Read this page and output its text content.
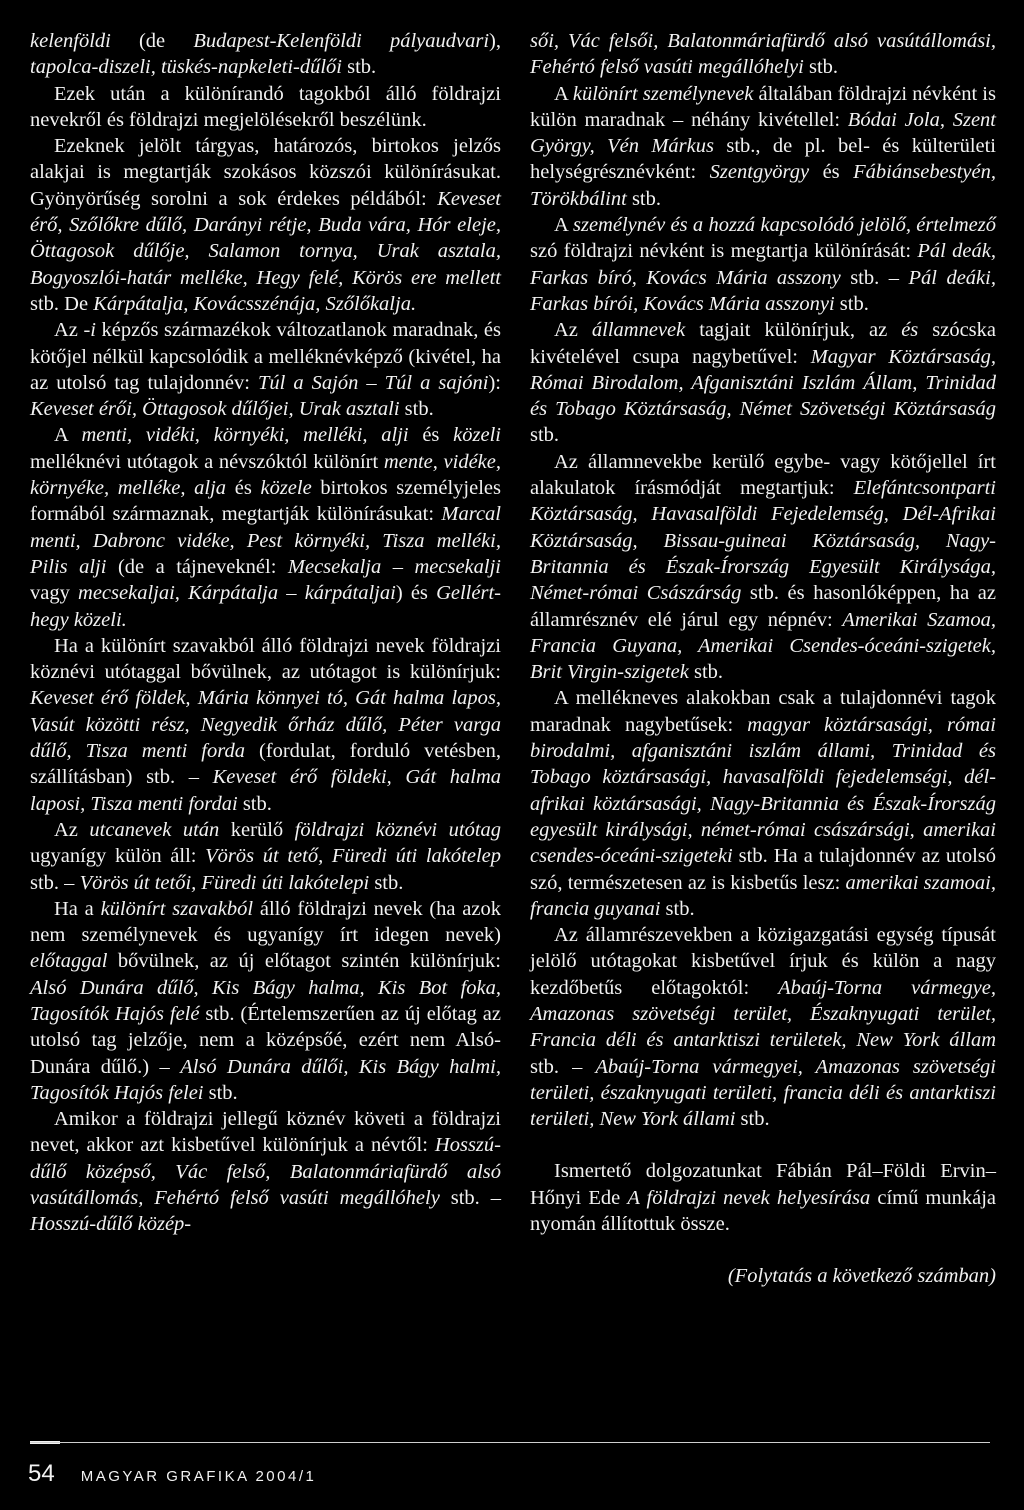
kelenföldi (de Budapest-Kelenföldi pályaudvari), tapolca-diszeli, tüskés-napkeleti-dűlői stb.

Ezek után a különírandó tagokból álló földrajzi nevekről és földrajzi megjelölésekről beszélünk.

Ezeknek jelölt tárgyas, határozós, birtokos jelzős alakjai is megtartják szokásos közszói különírásukat. Gyönyörűség sorolni a sok érdekes példából: Keveset érő, Szőlőkre dűlő, Darányi rétje, Buda vára, Hór eleje, Öttagosok dűlője, Salamon tornya, Urak asztala, Bogyoszlói-határ melléke, Hegy felé, Körös ere mellett stb. De Kárpátalja, Kovácsszénája, Szőlőkalja.

Az -i képzős származékok változatlanok maradnak, és kötőjel nélkül kapcsolódik a melléknévképző (kivétel, ha az utolsó tag tulajdonnév: Túl a Sajón – Túl a sajóni): Keveset érői, Öttagosok dűlőjei, Urak asztali stb.

A menti, vidéki, környéki, melléki, alji és közeli melléknévi utótagok a névszóktól különírt mente, vidéke, környéke, melléke, alja és közele birtokos személyjeles formából származnak, megtartják különírásukat: Marcal menti, Dabronc vidéke, Pest környéki, Tisza melléki, Pilis alji (de a tájneveknél: Mecsekalja – mecsekalji vagy mecsekaljai, Kárpátalja – kárpátaljai) és Gellért-hegy közeli.

Ha a különírt szavakból álló földrajzi nevek földrajzi köznévi utótaggal bővülnek, az utótagot is különírjuk: Keveset érő földek, Mária könnyei tó, Gát halma lapos, Vasút közötti rész, Negyedik őrház dűlő, Péter varga dűlő, Tisza menti forda (fordulat, forduló vetésben, szállításban) stb. – Keveset érő földeki, Gát halma laposi, Tisza menti fordai stb.

Az utcanevek után kerülő földrajzi köznévi utótag ugyanígy külön áll: Vörös út tető, Füredi úti lakótelep stb. – Vörös út tetői, Füredi úti lakótelepi stb.

Ha a különírt szavakból álló földrajzi nevek (ha azok nem személynevek és ugyanígy írt idegen nevek) előtaggal bővülnek, az új előtagot szintén különírjuk: Alsó Dunára dűlő, Kis Bágy halma, Kis Bot foka, Tagosítók Hajós felé stb. (Értelemszerűen az új előtag az utolsó tag jelzője, nem a középsőé, ezért nem Alsó-Dunára dűlő.) – Alsó Dunára dűlői, Kis Bágy halmi, Tagosítók Hajós felei stb.

Amikor a földrajzi jellegű köznév követi a földrajzi nevet, akkor azt kisbetűvel különírjuk a névtől: Hosszú-dűlő középső, Vác felső, Balatonmáriafürdő alsó vasútállomás, Fehértó felső vasúti megállóhely stb. – Hosszú-dűlő közép-

sői, Vác felsői, Balatonmáriafürdő alsó vasútállomási, Fehértó felső vasúti megállóhelyi stb.

A különírt személynevek általában földrajzi névként is külön maradnak – néhány kivétellel: Bódai Jola, Szent György, Vén Márkus stb., de pl. bel- és külterületi helységrésznévként: Szentgyörgy és Fábiánsebestyén, Törökbálint stb.

A személynév és a hozzá kapcsolódó jelölő, értelmező szó földrajzi névként is megtartja különírását: Pál deák, Farkas bíró, Kovács Mária asszony stb. – Pál deáki, Farkas bírói, Kovács Mária asszonyi stb.

Az államnevek tagjait különírjuk, az és szócska kivételével csupa nagybetűvel: Magyar Köztársaság, Római Birodalom, Afganisztáni Iszlám Állam, Trinidad és Tobago Köztársaság, Német Szövetségi Köztársaság stb.

Az államnevekbe kerülő egybe- vagy kötőjellel írt alakulatok írásmódját megtartjuk: Elefántcsontparti Köztársaság, Havasalföldi Fejedelemség, Dél-Afrikai Köztársaság, Bissau-guineai Köztársaság, Nagy-Britannia és Észak-Írország Egyesült Királysága, Német-római Császárság stb. és hasonlóképpen, ha az államrésznév elé járul egy népnév: Amerikai Szamoa, Francia Guyana, Amerikai Csendes-óceáni-szigetek, Brit Virgin-szigetek stb.

A mellékneves alakokban csak a tulajdonnévi tagok maradnak nagybetűsek: magyar köztársasági, római birodalmi, afganisztáni iszlám állami, Trinidad és Tobago köztársasági, havasalföldi fejedelemségi, dél-afrikai köztársasági, Nagy-Britannia és Észak-Írország egyesült királysági, német-római császársági, amerikai csendes-óceáni-szigeteki stb. Ha a tulajdonnév az utolsó szó, természetesen az is kisbetűs lesz: amerikai szamoai, francia guyanai stb.

Az államrészevekben a közigazgatási egység típusát jelölő utótagokat kisbetűvel írjuk és külön a nagy kezdőbetűs előtagoktól: Abaúj-Torna vármegye, Amazonas szövetségi terület, Északnyugati terület, Francia déli és antarktiszi területek, New York állam stb. – Abaúj-Torna vármegyei, Amazonas szövetségi területi, északnyugati területi, francia déli és antarktiszi területi, New York állami stb.

Ismertető dolgozatunkat Fábián Pál–Földi Ervin–Hőnyi Ede A földrajzi nevek helyesírása című munkája nyomán állítottuk össze.

(Folytatás a következő számban)

54 MAGYAR GRAFIKA 2004/1
